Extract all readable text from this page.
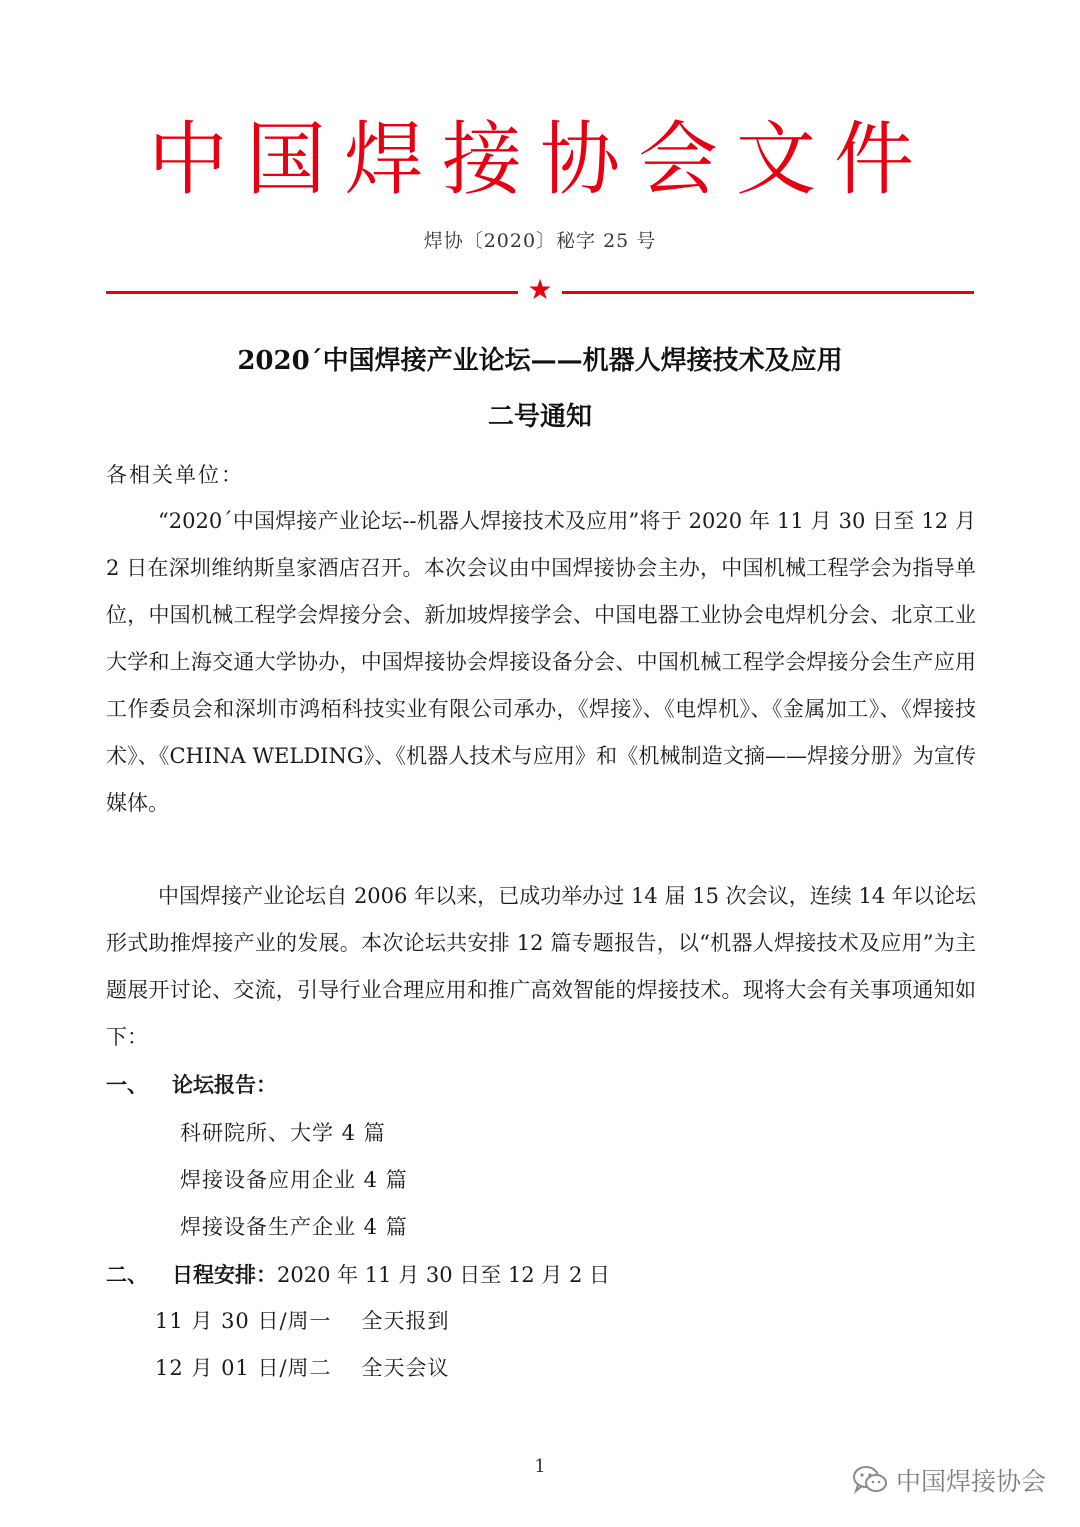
中国焊接协会文件
焊协〔2020〕秘字 25 号
★
2020´中国焊接产业论坛——机器人焊接技术及应用
二号通知
各相关单位：
“2020´中国焊接产业论坛--机器人焊接技术及应用”将于 2020 年 11 月 30 日至 12 月 2 日在深圳维纳斯皇家酒店召开。本次会议由中国焊接协会主办，中国机械工程学会为指导单位，中国机械工程学会焊接分会、新加坡焊接学会、中国电器工业协会电焊机分会、北京工业大学和上海交通大学协办，中国焊接协会焊接设备分会、中国机械工程学会焊接分会生产应用工作委员会和深圳市鸿栢科技实业有限公司承办，《焊接》、《电焊机》、《金属加工》、《焊接技术》、《CHINA WELDING》、《机器人技术与应用》和《机械制造文摘——焊接分册》为宣传媒体。
中国焊接产业论坛自 2006 年以来，已成功举办过 14 届 15 次会议，连续 14 年以论坛形式助推焊接产业的发展。本次论坛共安排 12 篇专题报告，以“机器人焊接技术及应用”为主题展开讨论、交流，引导行业合理应用和推广高效智能的焊接技术。现将大会有关事项通知如下：
一、 论坛报告：
科研院所、大学 4 篇
焊接设备应用企业 4 篇
焊接设备生产企业 4 篇
二、 日程安排：2020 年 11 月 30 日至 12 月 2 日
11 月 30 日/周一 全天报到
12 月 01 日/周二 全天会议
1
中国焊接协会
